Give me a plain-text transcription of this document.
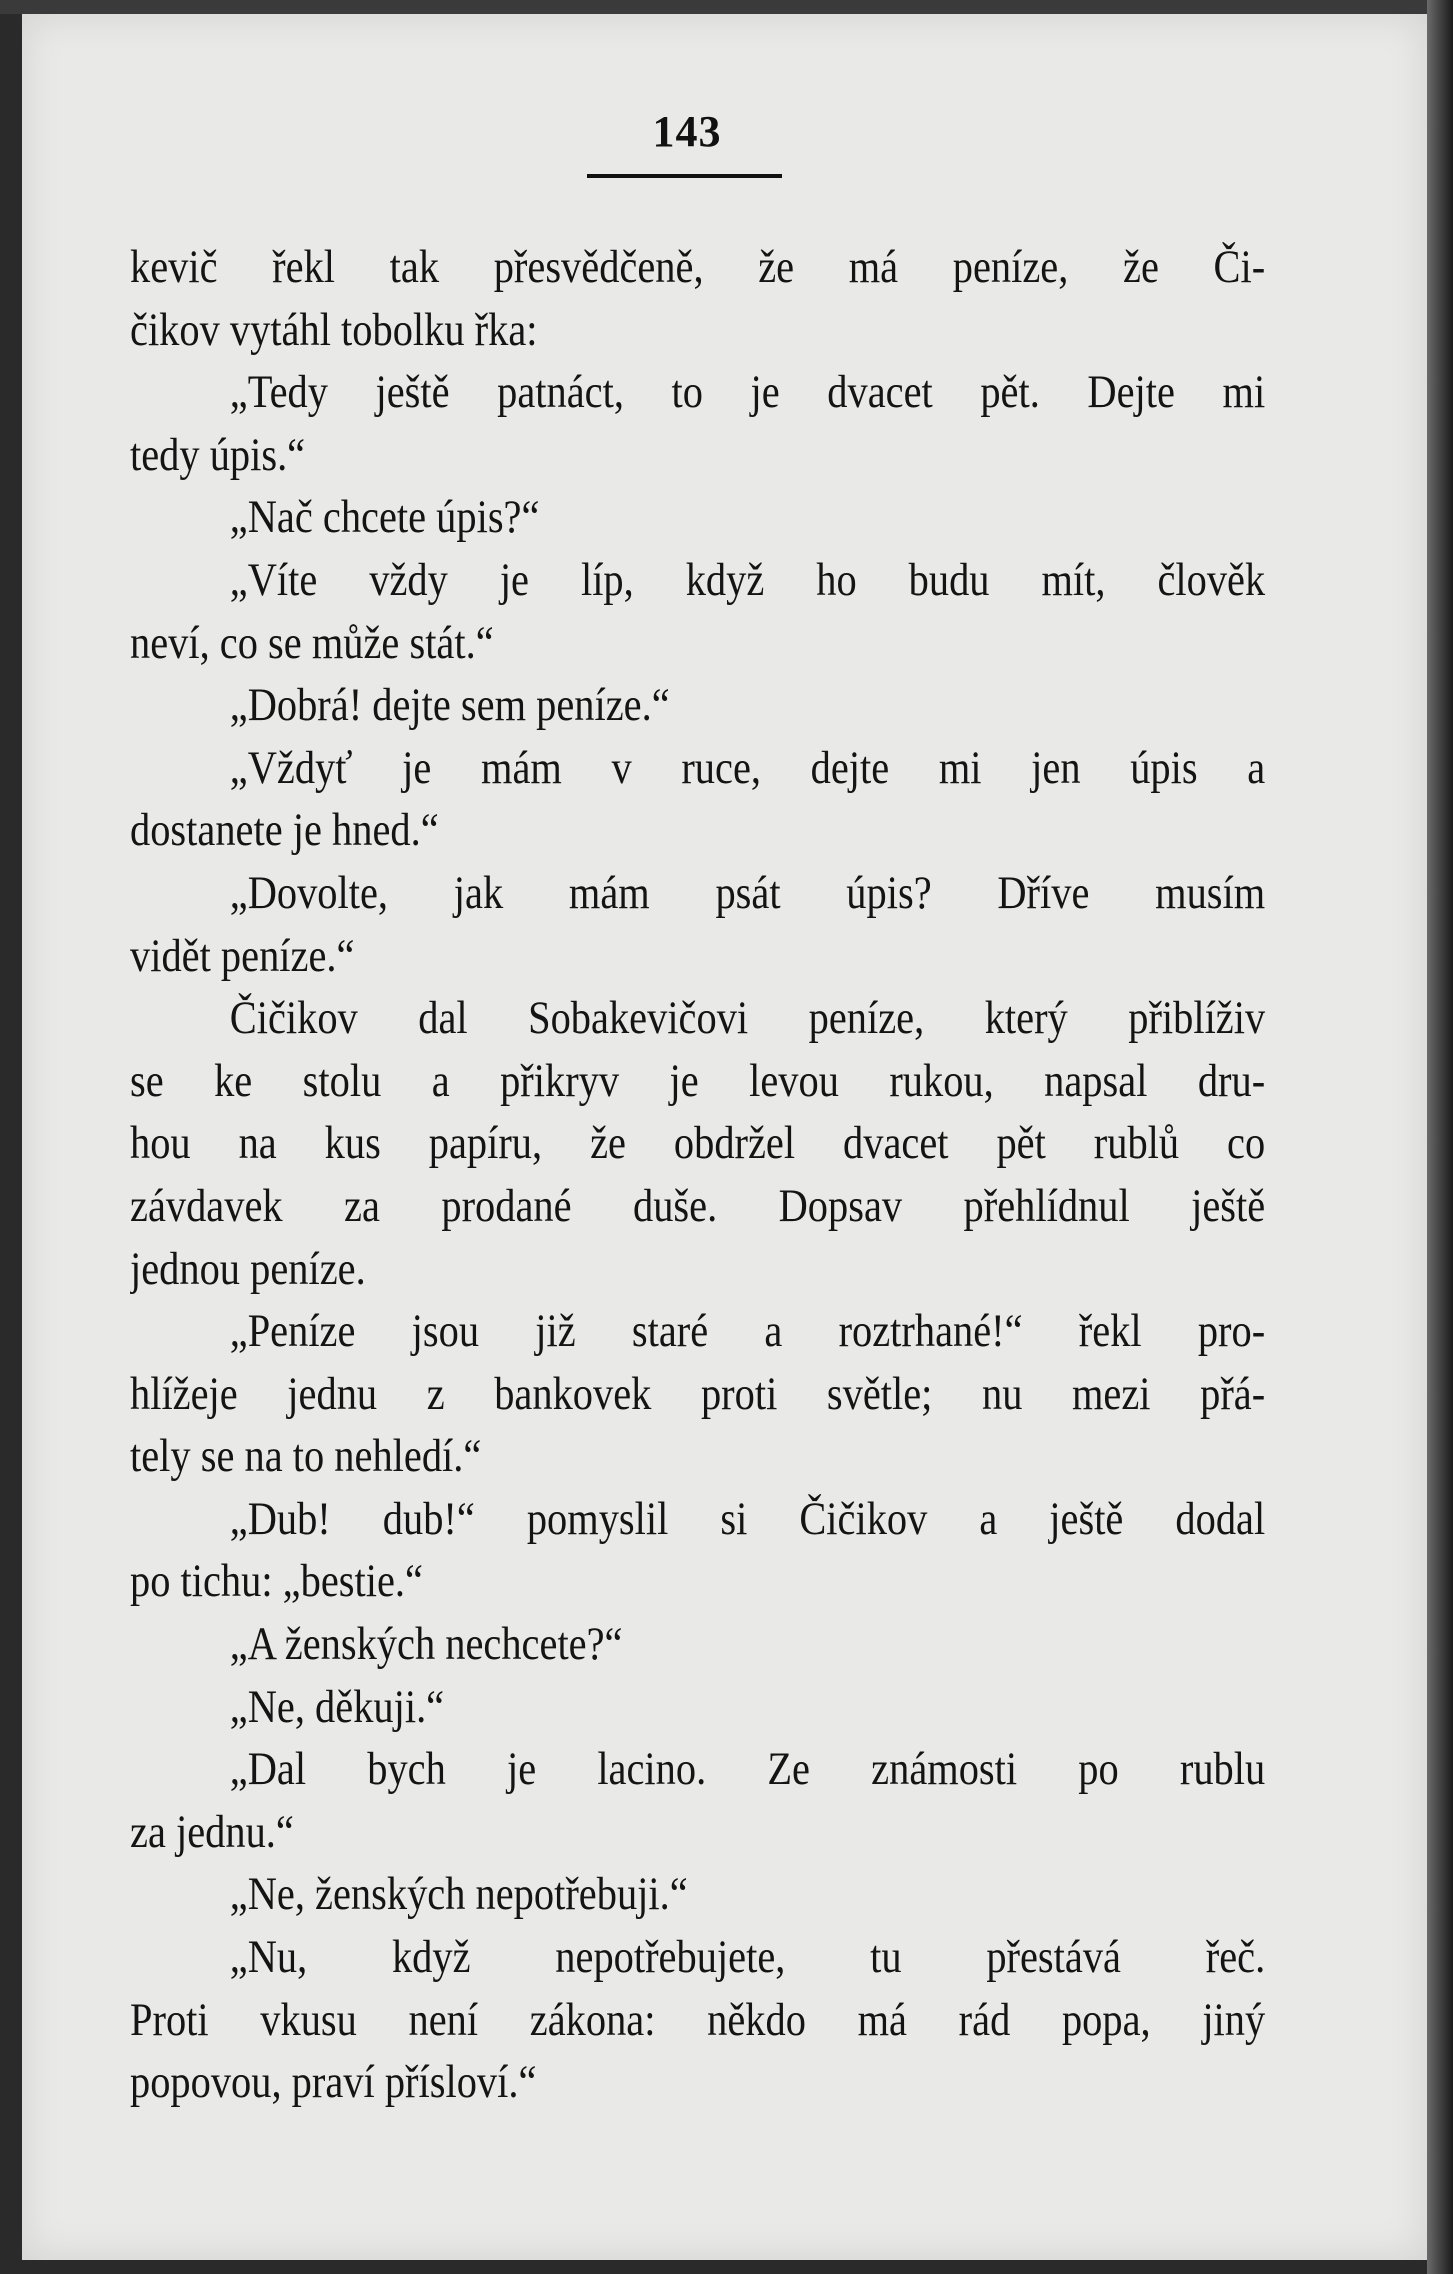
143
kevič řekl tak přesvědčeně, že má peníze, že Či-
čikov vytáhl tobolku řka:
„Tedy ještě patnáct, to je dvacet pět. Dejte mi
tedy úpis.“
„Nač chcete úpis?“
„Víte vždy je líp, když ho budu mít, člověk
neví, co se může stát.“
„Dobrá! dejte sem peníze.“
„Vždyť je mám v ruce, dejte mi jen úpis a
dostanete je hned.“
„Dovolte, jak mám psát úpis? Dříve musím
vidět peníze.“
Čičikov dal Sobakevičovi peníze, který přiblíživ
se ke stolu a přikryv je levou rukou, napsal dru-
hou na kus papíru, že obdržel dvacet pět rublů co
závdavek za prodané duše. Dopsav přehlídnul ještě
jednou peníze.
„Peníze jsou již staré a roztrhané!“ řekl pro-
hlížeje jednu z bankovek proti světle; nu mezi přá-
tely se na to nehledí.“
„Dub! dub!“ pomyslil si Čičikov a ještě dodal
po tichu: „bestie.“
„A ženských nechcete?“
„Ne, děkuji.“
„Dal bych je lacino. Ze známosti po rublu
za jednu.“
„Ne, ženských nepotřebuji.“
„Nu, když nepotřebujete, tu přestává řeč.
Proti vkusu není zákona: někdo má rád popa, jiný
popovou, praví přísloví.“
